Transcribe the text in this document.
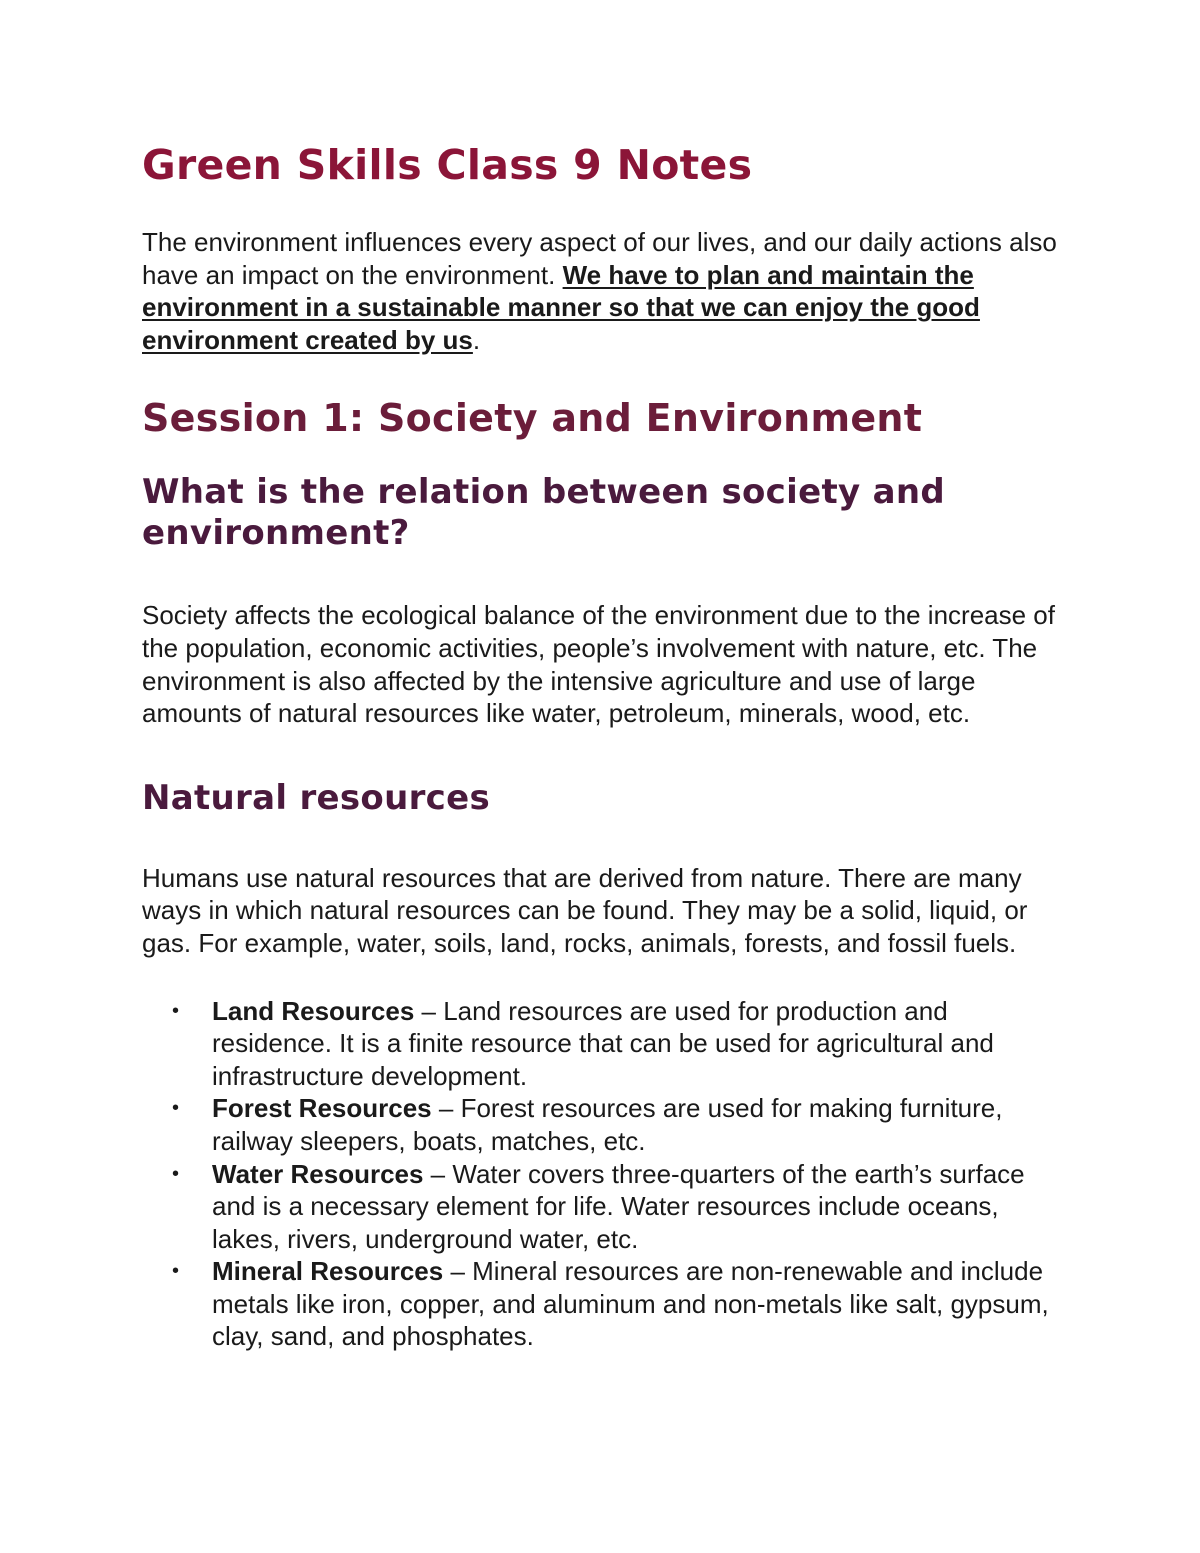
Green Skills Class 9 Notes

The environment influences every aspect of our lives, and our daily actions also have an impact on the environment. We have to plan and maintain the environment in a sustainable manner so that we can enjoy the good environment created by us.

Session 1: Society and Environment
What is the relation between society and environment?

Society affects the ecological balance of the environment due to the increase of the population, economic activities, people’s involvement with nature, etc. The environment is also affected by the intensive agriculture and use of large amounts of natural resources like water, petroleum, minerals, wood, etc.

Natural resources

Humans use natural resources that are derived from nature. There are many ways in which natural resources can be found. They may be a solid, liquid, or gas. For example, water, soils, land, rocks, animals, forests, and fossil fuels.

• Land Resources – Land resources are used for production and residence. It is a finite resource that can be used for agricultural and infrastructure development.
• Forest Resources – Forest resources are used for making furniture, railway sleepers, boats, matches, etc.
• Water Resources – Water covers three-quarters of the earth’s surface and is a necessary element for life. Water resources include oceans, lakes, rivers, underground water, etc.
• Mineral Resources – Mineral resources are non-renewable and include metals like iron, copper, and aluminum and non-metals like salt, gypsum, clay, sand, and phosphates.
